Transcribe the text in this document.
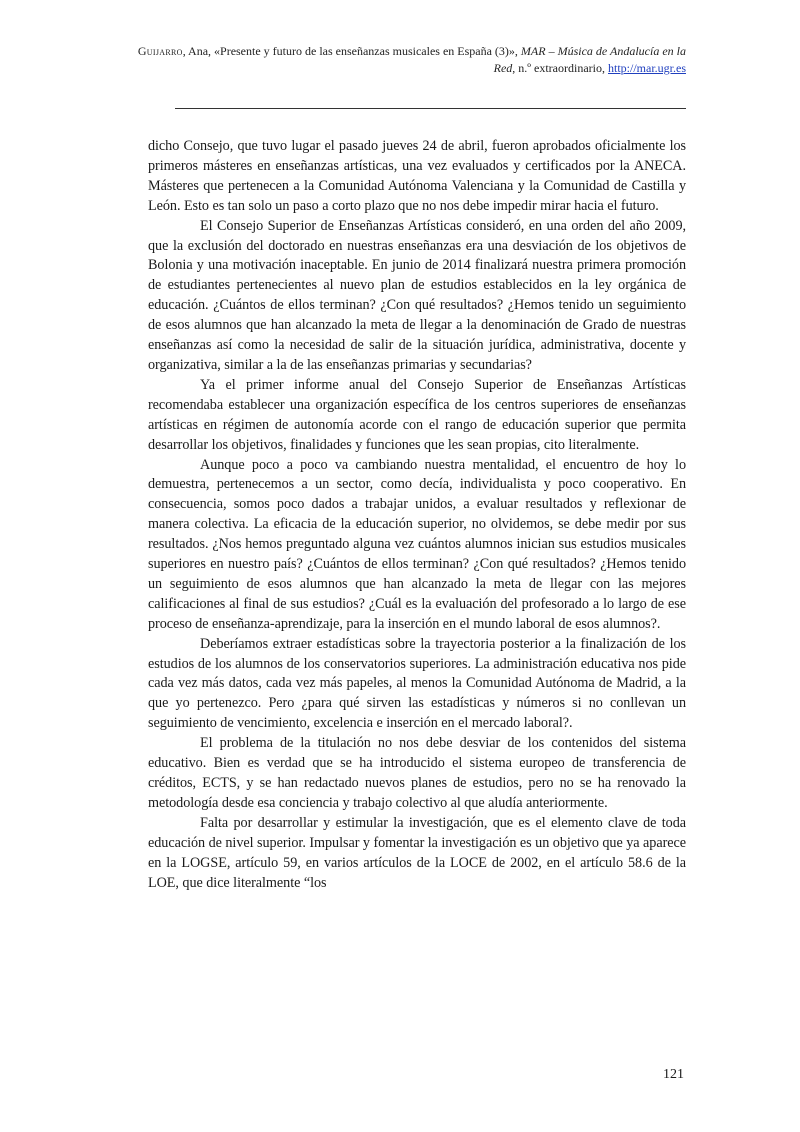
Guijarro, Ana, «Presente y futuro de las enseñanzas musicales en España (3)», MAR – Música de Andalucía en la Red, n.º extraordinario, http://mar.ugr.es

dicho Consejo, que tuvo lugar el pasado jueves 24 de abril, fueron aprobados oficialmente los primeros másteres en enseñanzas artísticas, una vez evaluados y certificados por la ANECA. Másteres que pertenecen a la Comunidad Autónoma Valenciana y la Comunidad de Castilla y León. Esto es tan solo un paso a corto plazo que no nos debe impedir mirar hacia el futuro.

El Consejo Superior de Enseñanzas Artísticas consideró, en una orden del año 2009, que la exclusión del doctorado en nuestras enseñanzas era una desviación de los objetivos de Bolonia y una motivación inaceptable. En junio de 2014 finalizará nuestra primera promoción de estudiantes pertenecientes al nuevo plan de estudios establecidos en la ley orgánica de educación. ¿Cuántos de ellos terminan? ¿Con qué resultados? ¿Hemos tenido un seguimiento de esos alumnos que han alcanzado la meta de llegar a la denominación de Grado de nuestras enseñanzas así como la necesidad de salir de la situación jurídica, administrativa, docente y organizativa, similar a la de las enseñanzas primarias y secundarias?

Ya el primer informe anual del Consejo Superior de Enseñanzas Artísticas recomendaba establecer una organización específica de los centros superiores de enseñanzas artísticas en régimen de autonomía acorde con el rango de educación superior que permita desarrollar los objetivos, finalidades y funciones que les sean propias, cito literalmente.

Aunque poco a poco va cambiando nuestra mentalidad, el encuentro de hoy lo demuestra, pertenecemos a un sector, como decía, individualista y poco cooperativo. En consecuencia, somos poco dados a trabajar unidos, a evaluar resultados y reflexionar de manera colectiva. La eficacia de la educación superior, no olvidemos, se debe medir por sus resultados. ¿Nos hemos preguntado alguna vez cuántos alumnos inician sus estudios musicales superiores en nuestro país? ¿Cuántos de ellos terminan? ¿Con qué resultados? ¿Hemos tenido un seguimiento de esos alumnos que han alcanzado la meta de llegar con las mejores calificaciones al final de sus estudios? ¿Cuál es la evaluación del profesorado a lo largo de ese proceso de enseñanza-aprendizaje, para la inserción en el mundo laboral de esos alumnos?.

Deberíamos extraer estadísticas sobre la trayectoria posterior a la finalización de los estudios de los alumnos de los conservatorios superiores. La administración educativa nos pide cada vez más datos, cada vez más papeles, al menos la Comunidad Autónoma de Madrid, a la que yo pertenezco. Pero ¿para qué sirven las estadísticas y números si no conllevan un seguimiento de vencimiento, excelencia e inserción en el mercado laboral?.

El problema de la titulación no nos debe desviar de los contenidos del sistema educativo. Bien es verdad que se ha introducido el sistema europeo de transferencia de créditos, ECTS, y se han redactado nuevos planes de estudios, pero no se ha renovado la metodología desde esa conciencia y trabajo colectivo al que aludía anteriormente.

Falta por desarrollar y estimular la investigación, que es el elemento clave de toda educación de nivel superior. Impulsar y fomentar la investigación es un objetivo que ya aparece en la LOGSE, artículo 59, en varios artículos de la LOCE de 2002, en el artículo 58.6 de la LOE, que dice literalmente “los

121
